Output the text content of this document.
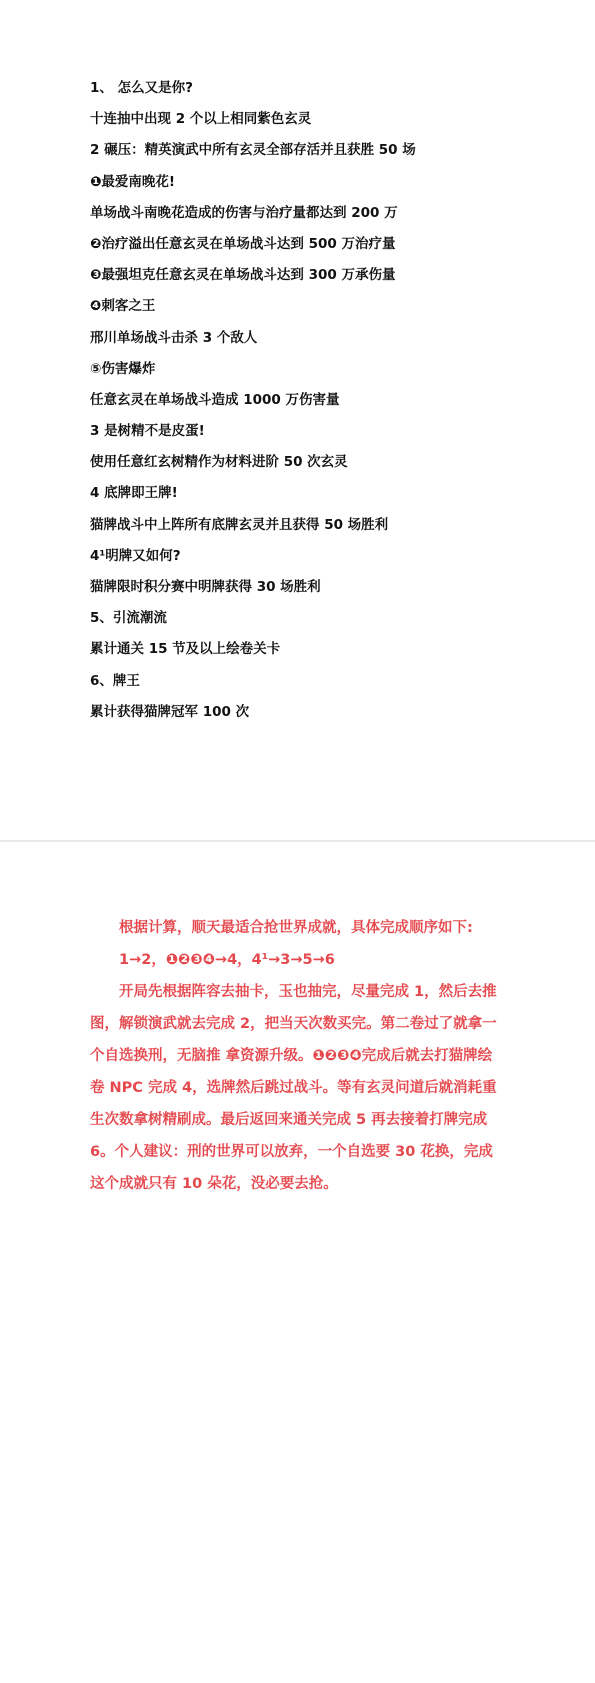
1、 怎么又是你?
十连抽中出现 2 个以上相同紫色玄灵
2 碾压：精英演武中所有玄灵全部存活并且获胜 50 场
❶最爱南晚花!
单场战斗南晚花造成的伤害与治疗量都达到 200 万
❷治疗溢出任意玄灵在单场战斗达到 500 万治疗量
❸最强坦克任意玄灵在单场战斗达到 300 万承伤量
❹刺客之王
邢川单场战斗击杀 3 个敌人
⑤伤害爆炸
任意玄灵在单场战斗造成 1000 万伤害量
3 是树精不是皮蛋!
使用任意红玄树精作为材料进阶 50 次玄灵
4 底牌即王牌!
猫牌战斗中上阵所有底牌玄灵并且获得 50 场胜利
4¹明牌又如何?
猫牌限时积分赛中明牌获得 30 场胜利
5、引流潮流
累计通关 15 节及以上绘卷关卡
6、牌王
累计获得猫牌冠军 100 次

根据计算，顺天最适合抢世界成就，具体完成顺序如下:

1→2，❶❷❸❹→4，4¹→3→5→6

开局先根据阵容去抽卡，玉也抽完，尽量完成 1，然后去推图，解锁演武就去完成 2，把当天次数买完。第二卷过了就拿一个自选换刑，无脑推 拿资源升级。❶❷❸❹完成后就去打猫牌绘卷 NPC 完成 4，选牌然后跳过战斗。等有玄灵问道后就消耗重生次数拿树精刷成。最后返回来通关完成 5 再去接着打牌完成 6。个人建议：刑的世界可以放弃，一个自选要 30 花换，完成这个成就只有 10 朵花，没必要去抢。
